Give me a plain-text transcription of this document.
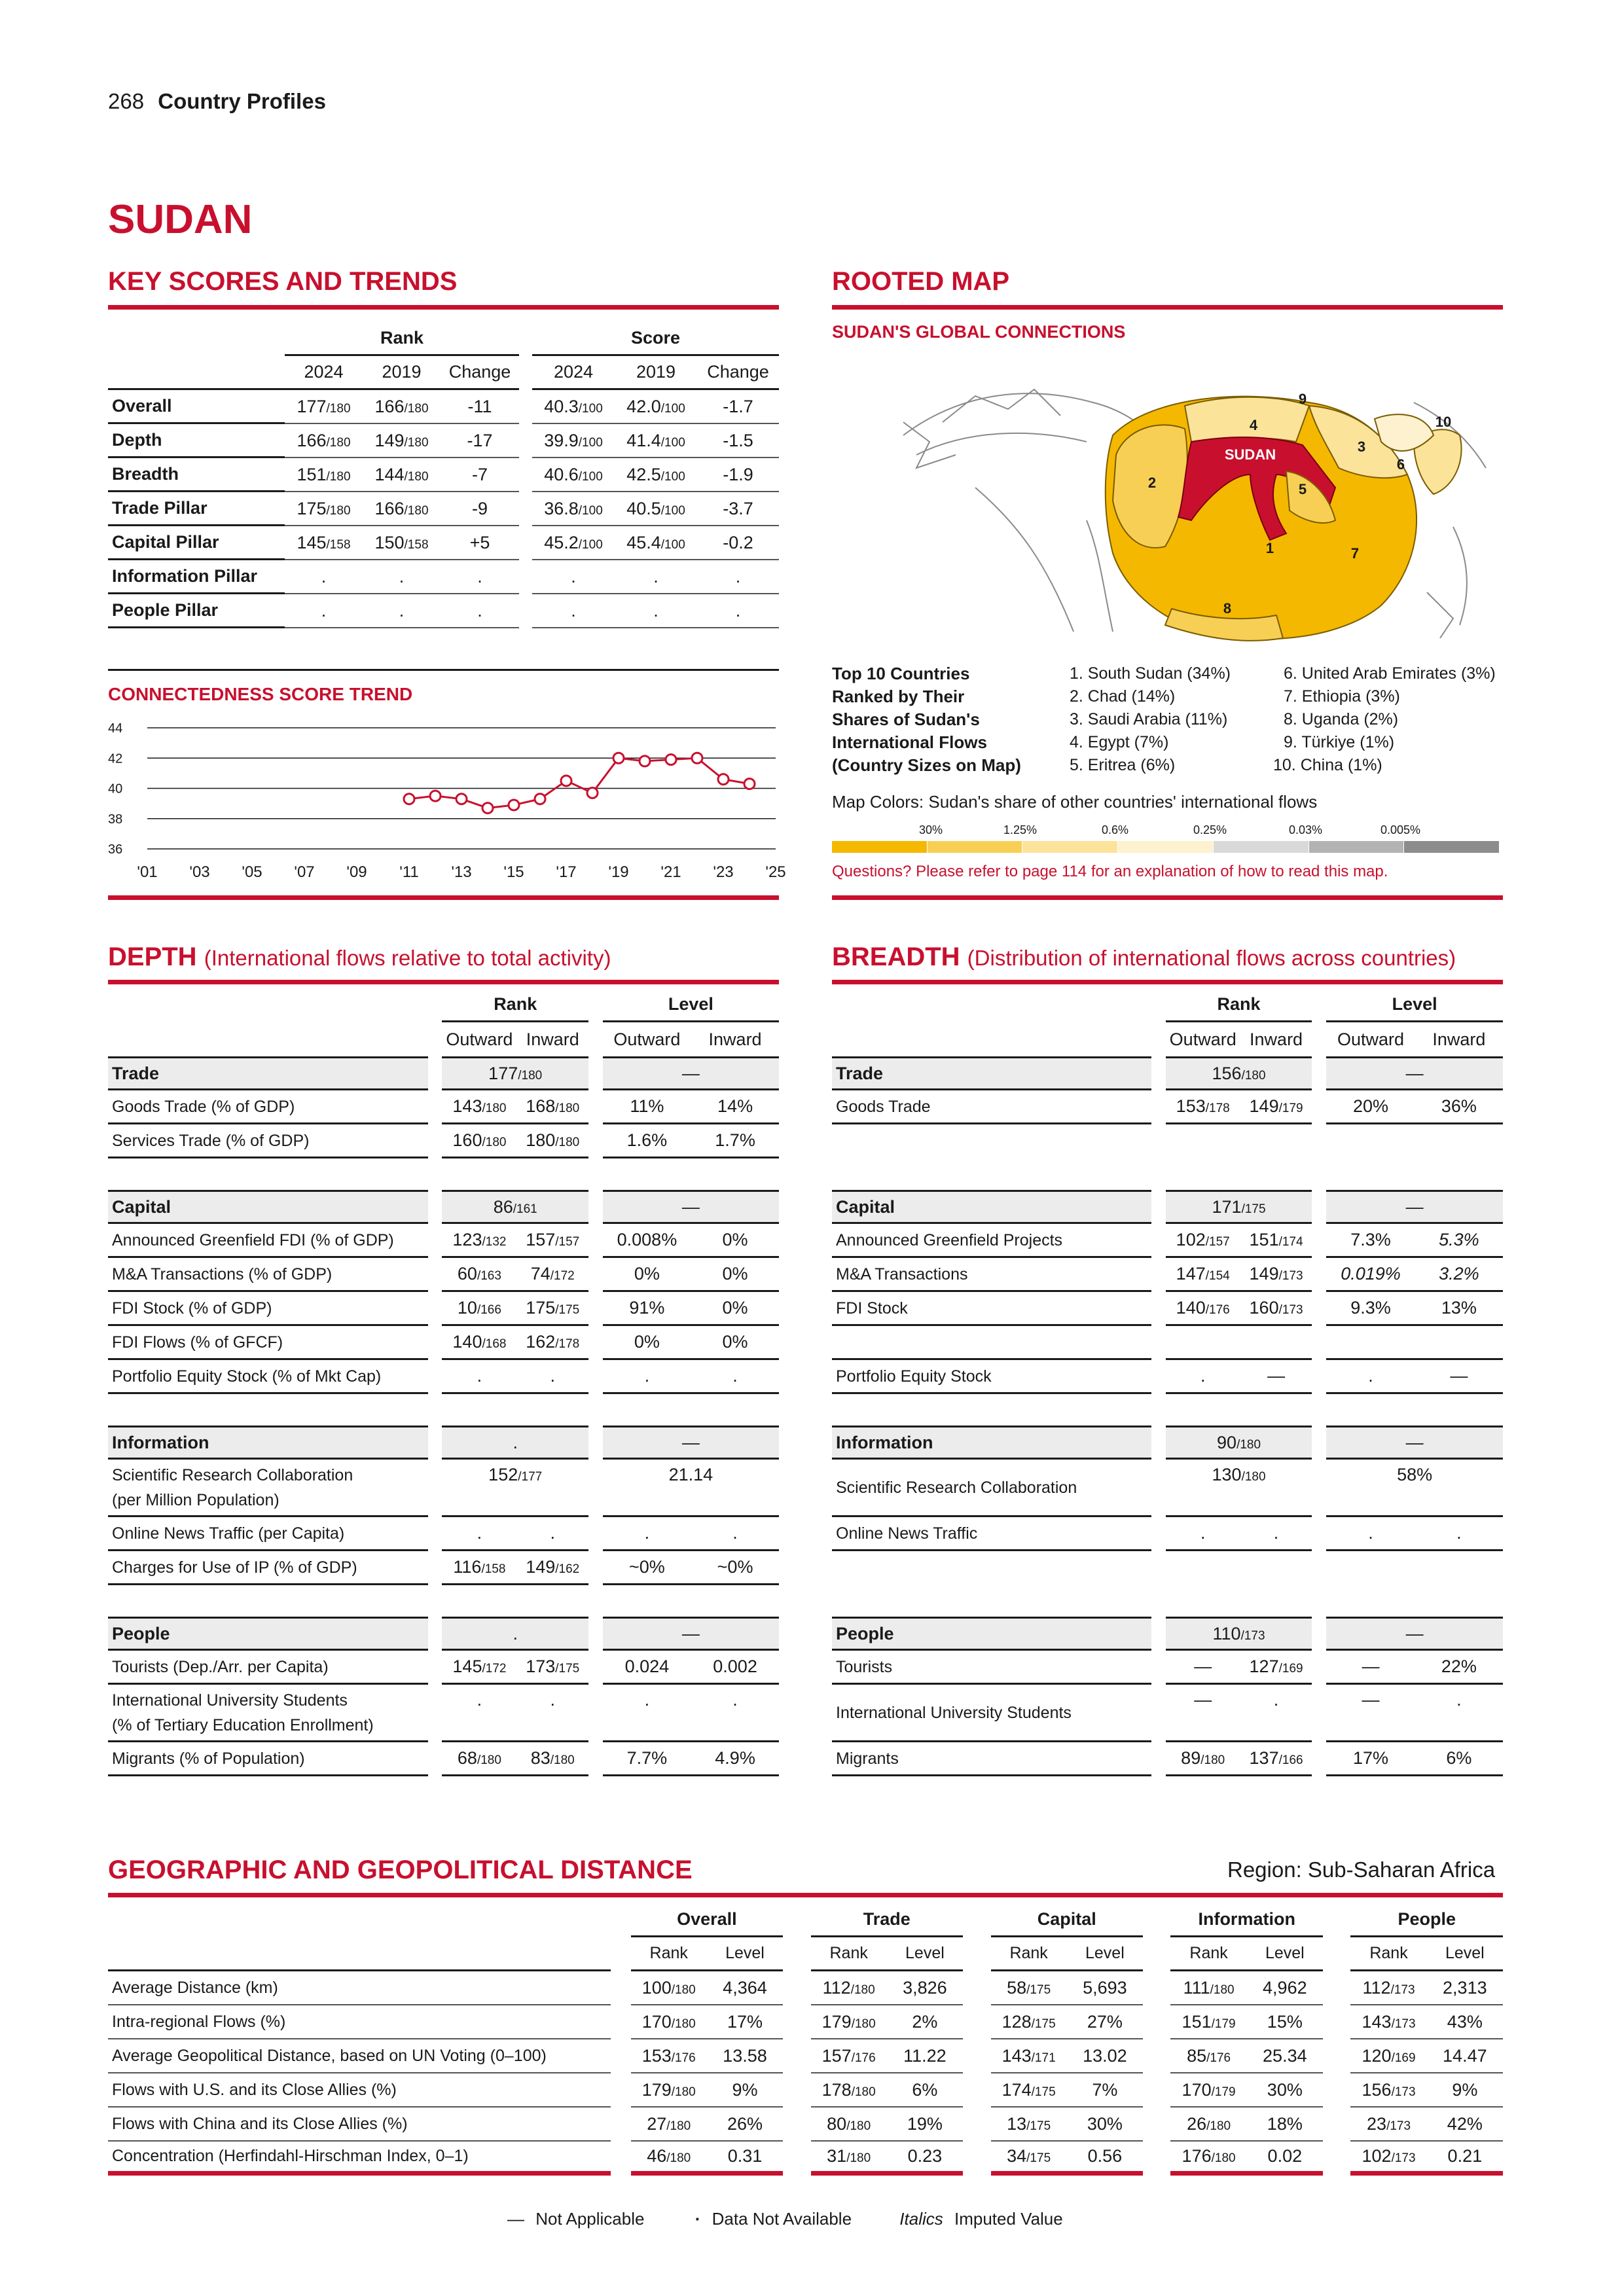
268 Country Profiles
SUDAN
KEY SCORES AND TRENDS
	Rank				Score		
	2024	2019	Change		2024	2019	Change
Overall	177/180	166/180	-11		40.3/100	42.0/100	-1.7
Depth	166/180	149/180	-17		39.9/100	41.4/100	-1.5
Breadth	151/180	144/180	-7		40.6/100	42.5/100	-1.9
Trade Pillar	175/180	166/180	-9		36.8/100	40.5/100	-3.7
Capital Pillar	145/158	150/158	+5		45.2/100	45.4/100	-0.2
Information Pillar	.	.	.		.	.	.
People Pillar	.	.	.		.	.	.
CONNECTEDNESS SCORE TREND
44
42
40
38
36
'01 '03 '05 '07 '09 '11 '13 '15 '17 '19 '21 '23 '25
ROOTED MAP
SUDAN'S GLOBAL CONNECTIONS
SUDAN
1
2
3
4
5
6
7
8
9
10
Top 10 Countries
Ranked by Their
Shares of Sudan's
International Flows
(Country Sizes on Map)
1. South Sudan (34%)
2. Chad (14%)
3. Saudi Arabia (11%)
4. Egypt (7%)
5. Eritrea (6%)
6. United Arab Emirates (3%)
7. Ethiopia (3%)
8. Uganda (2%)
9. Türkiye (1%)
10. China (1%)
Map Colors: Sudan's share of other countries' international flows
30%	1.25%	0.6%	0.25%	0.03%	0.005%
Questions? Please refer to page 114 for an explanation of how to read this map.
DEPTH (International flows relative to total activity)
		Rank			Level	
		Outward	Inward		Outward	Inward
Trade		177/180			—	

Goods Trade (% of GDP)		143/180	168/180		11%	14%

Services Trade (% of GDP)		160/180	180/180		1.6%	1.7%

Capital		86/161			—	

Announced Greenfield FDI (% of GDP)		123/132	157/157		0.008%	0%

M&A Transactions (% of GDP)		60/163	74/172		0%	0%

FDI Stock (% of GDP)		10/166	175/175		91%	0%

FDI Flows (% of GFCF)		140/168	162/178		0%	0%

Portfolio Equity Stock (% of Mkt Cap)		.	.		.	.

Information		.			—	

Scientific Research Collaboration
(per Million Population)		152/177			21.14	

Online News Traffic (per Capita)		.	.		.	.

Charges for Use of IP (% of GDP)		116/158	149/162		~0%	~0%

People		.			—	

Tourists (Dep./Arr. per Capita)		145/172	173/175		0.024	0.002

International University Students
(% of Tertiary Education Enrollment)		.	.		.	.

Migrants (% of Population)		68/180	83/180		7.7%	4.9%
BREADTH (Distribution of international flows across countries)
		Rank			Level	
		Outward	Inward		Outward	Inward
Trade		156/180			—	

Goods Trade		153/178	149/179		20%	36%

Capital		171/175			—	

Announced Greenfield Projects		102/157	151/174		7.3%	5.3%

M&A Transactions		147/154	149/173		0.019%	3.2%

FDI Stock		140/176	160/173		9.3%	13%

Portfolio Equity Stock		.	—		.	—

Information		90/180			—	

Scientific Research Collaboration		130/180			58%	

Online News Traffic		.	.		.	.

People		110/173			—	

Tourists		—	127/169		—	22%

International University Students		—	.		—	.

Migrants		89/180	137/166		17%	6%
GEOGRAPHIC AND GEOPOLITICAL DISTANCE	Region: Sub-Saharan Africa
		Overall			Trade			Capital			Information			People	
		Rank	Level		Rank	Level		Rank	Level		Rank	Level		Rank	Level
Average Distance (km)		100/180	4,364		112/180	3,826		58/175	5,693		111/180	4,962		112/173	2,313
Intra-regional Flows (%)		170/180	17%		179/180	2%		128/175	27%		151/179	15%		143/173	43%
Average Geopolitical Distance, based on UN Voting (0–100)		153/176	13.58		157/176	11.22		143/171	13.02		85/176	25.34		120/169	14.47
Flows with U.S. and its Close Allies (%)		179/180	9%		178/180	6%		174/175	7%		170/179	30%		156/173	9%
Flows with China and its Close Allies (%)		27/180	26%		80/180	19%		13/175	30%		26/180	18%		23/173	42%
Concentration (Herfindahl-Hirschman Index, 0–1)		46/180	0.31		31/180	0.23		34/175	0.56		176/180	0.02		102/173	0.21
— Not Applicable	· Data Not Available	Italics Imputed Value
